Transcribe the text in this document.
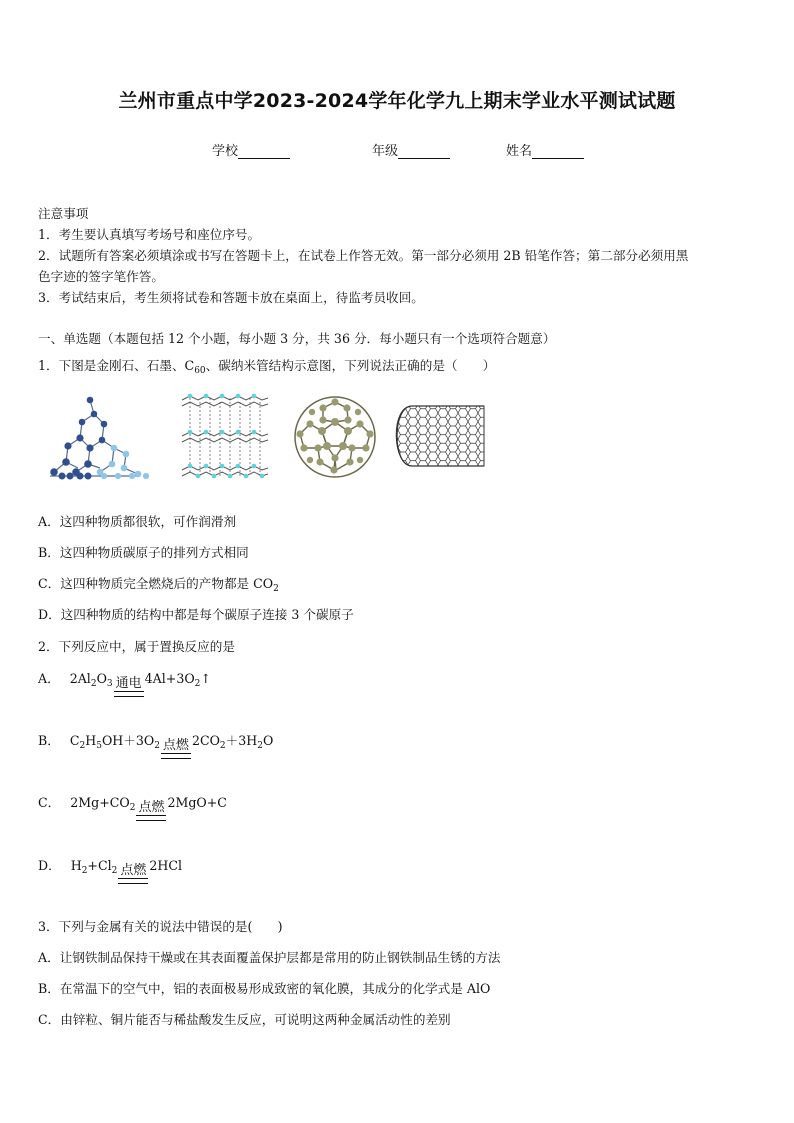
兰州市重点中学2023-2024学年化学九上期末学业水平测试试题
学校	年级	姓名
注意事项
1．考生要认真填写考场号和座位序号。
2．试题所有答案必须填涂或书写在答题卡上，在试卷上作答无效。第一部分必须用 2B 铅笔作答；第二部分必须用黑
色字迹的签字笔作答。
3．考试结束后，考生须将试卷和答题卡放在桌面上，待监考员收回。
一、单选题（本题包括 12 个小题，每小题 3 分，共 36 分．每小题只有一个选项符合题意）
1．下图是金刚石、石墨、$C_{60}$、碳纳米管结构示意图，下列说法正确的是（　　）
A．这四种物质都很软，可作润滑剂
B．这四种物质碳原子的排列方式相同
C．这四种物质完全燃烧后的产物都是 $CO_2$
D．这四种物质的结构中都是每个碳原子连接 3 个碳原子
2．下列反应中，属于置换反应的是
A． $2Al_2O_3$ 通电 $4Al+3O_2↑$
B． $C_2H_5OH+3O_2$ 点燃 $2CO_2+3H_2O$
C． $2Mg+CO_2$ 点燃 2MgO+C
D． $H_2+Cl_2$ 点燃 2HCl
3．下列与金属有关的说法中错误的是(　　)
A．让钢铁制品保持干燥或在其表面覆盖保护层都是常用的防止钢铁制品生锈的方法
B．在常温下的空气中，铝的表面极易形成致密的氧化膜，其成分的化学式是 AlO
C．由锌粒、铜片能否与稀盐酸发生反应，可说明这两种金属活动性的差别
